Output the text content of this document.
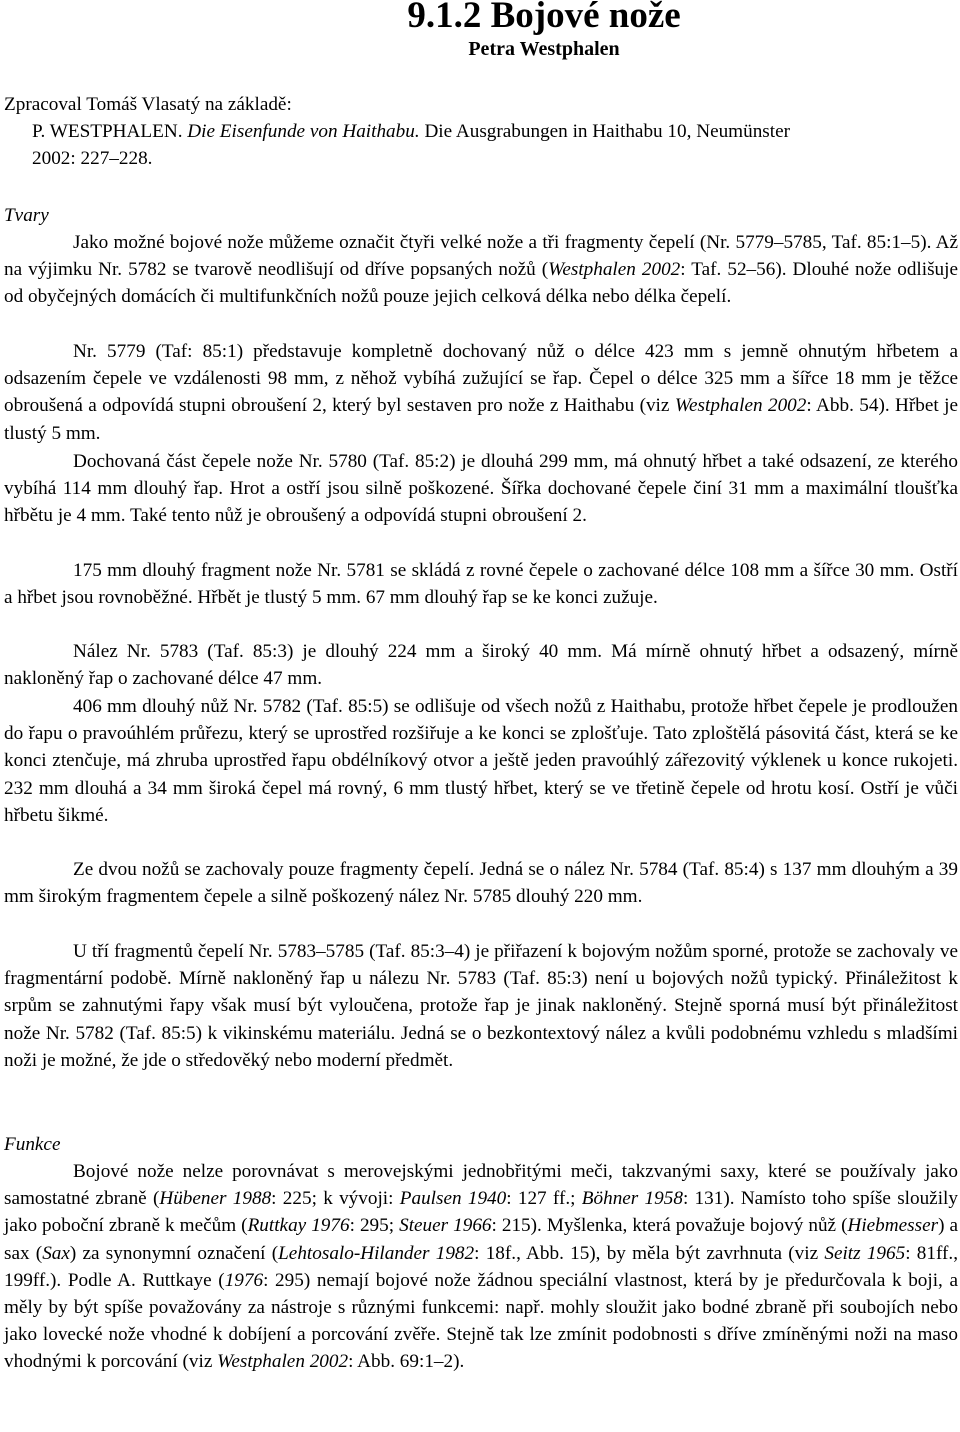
9.1.2 Bojové nože
Petra Westphalen
Zpracoval Tomáš Vlasatý na základě:
P. WESTPHALEN. Die Eisenfunde von Haithabu. Die Ausgrabungen in Haithabu 10, Neumünster
2002: 227–228.
Tvary

Jako možné bojové nože můžeme označit čtyři velké nože a tři fragmenty čepelí (Nr. 5779–5785, Taf. 85:1–5). Až na výjimku Nr. 5782 se tvarově neodlišují od dříve popsaných nožů (Westphalen 2002: Taf. 52–56). Dlouhé nože odlišuje od obyčejných domácích či multifunkčních nožů pouze jejich celková délka nebo délka čepelí.

Nr. 5779 (Taf: 85:1) představuje kompletně dochovaný nůž o délce 423 mm s jemně ohnutým hřbetem a odsazením čepele ve vzdálenosti 98 mm, z něhož vybíhá zužující se řap. Čepel o délce 325 mm a šířce 18 mm je těžce obroušená a odpovídá stupni obroušení 2, který byl sestaven pro nože z Haithabu (viz Westphalen 2002: Abb. 54). Hřbet je tlustý 5 mm.

Dochovaná část čepele nože Nr. 5780 (Taf. 85:2) je dlouhá 299 mm, má ohnutý hřbet a také odsazení, ze kterého vybíhá 114 mm dlouhý řap. Hrot a ostří jsou silně poškozené. Šířka dochované čepele činí 31 mm a maximální tloušťka hřbětu je 4 mm. Také tento nůž je obroušený a odpovídá stupni obroušení 2.

175 mm dlouhý fragment nože Nr. 5781 se skládá z rovné čepele o zachované délce 108 mm a šířce 30 mm. Ostří a hřbet jsou rovnoběžné. Hřbět je tlustý 5 mm. 67 mm dlouhý řap se ke konci zužuje.

Nález Nr. 5783 (Taf. 85:3) je dlouhý 224 mm a široký 40 mm. Má mírně ohnutý hřbet a odsazený, mírně nakloněný řap o zachované délce 47 mm.

406 mm dlouhý nůž Nr. 5782 (Taf. 85:5) se odlišuje od všech nožů z Haithabu, protože hřbet čepele je prodloužen do řapu o pravoúhlém průřezu, který se uprostřed rozšiřuje a ke konci se zplošťuje. Tato zploštělá pásovitá část, která se ke konci ztenčuje, má zhruba uprostřed řapu obdélníkový otvor a ještě jeden pravoúhlý zářezovitý výklenek u konce rukojeti. 232 mm dlouhá a 34 mm široká čepel má rovný, 6 mm tlustý hřbet, který se ve třetině čepele od hrotu kosí. Ostří je vůči hřbetu šikmé.

Ze dvou nožů se zachovaly pouze fragmenty čepelí. Jedná se o nález Nr. 5784 (Taf. 85:4) s 137 mm dlouhým a 39 mm širokým fragmentem čepele a silně poškozený nález Nr. 5785 dlouhý 220 mm.

U tří fragmentů čepelí Nr. 5783–5785 (Taf. 85:3–4) je přiřazení k bojovým nožům sporné, protože se zachovaly ve fragmentární podobě. Mírně nakloněný řap u nálezu Nr. 5783 (Taf. 85:3) není u bojových nožů typický. Přináležitost k srpům se zahnutými řapy však musí být vyloučena, protože řap je jinak nakloněný. Stejně sporná musí být přináležitost nože Nr. 5782 (Taf. 85:5) k vikinskému materiálu. Jedná se o bezkontextový nález a kvůli podobnému vzhledu s mladšími noži je možné, že jde o středověký nebo moderní předmět.

Funkce

Bojové nože nelze porovnávat s merovejskými jednobřitými meči, takzvanými saxy, které se používaly jako samostatné zbraně (Hübener 1988: 225; k vývoji: Paulsen 1940: 127 ff.; Böhner 1958: 131). Namísto toho spíše sloužily jako poboční zbraně k mečům (Ruttkay 1976: 295; Steuer 1966: 215). Myšlenka, která považuje bojový nůž (Hiebmesser) a sax (Sax) za synonymní označení (Lehtosalo-Hilander 1982: 18f., Abb. 15), by měla být zavrhnuta (viz Seitz 1965: 81ff., 199ff.). Podle A. Ruttkaye (1976: 295) nemají bojové nože žádnou speciální vlastnost, která by je předurčovala k boji, a měly by být spíše považovány za nástroje s různými funkcemi: např. mohly sloužit jako bodné zbraně při soubojích nebo jako lovecké nože vhodné k dobíjení a porcování zvěře. Stejně tak lze zmínit podobnosti s dříve zmíněnými noži na maso vhodnými k porcování (viz Westphalen 2002: Abb. 69:1–2).
